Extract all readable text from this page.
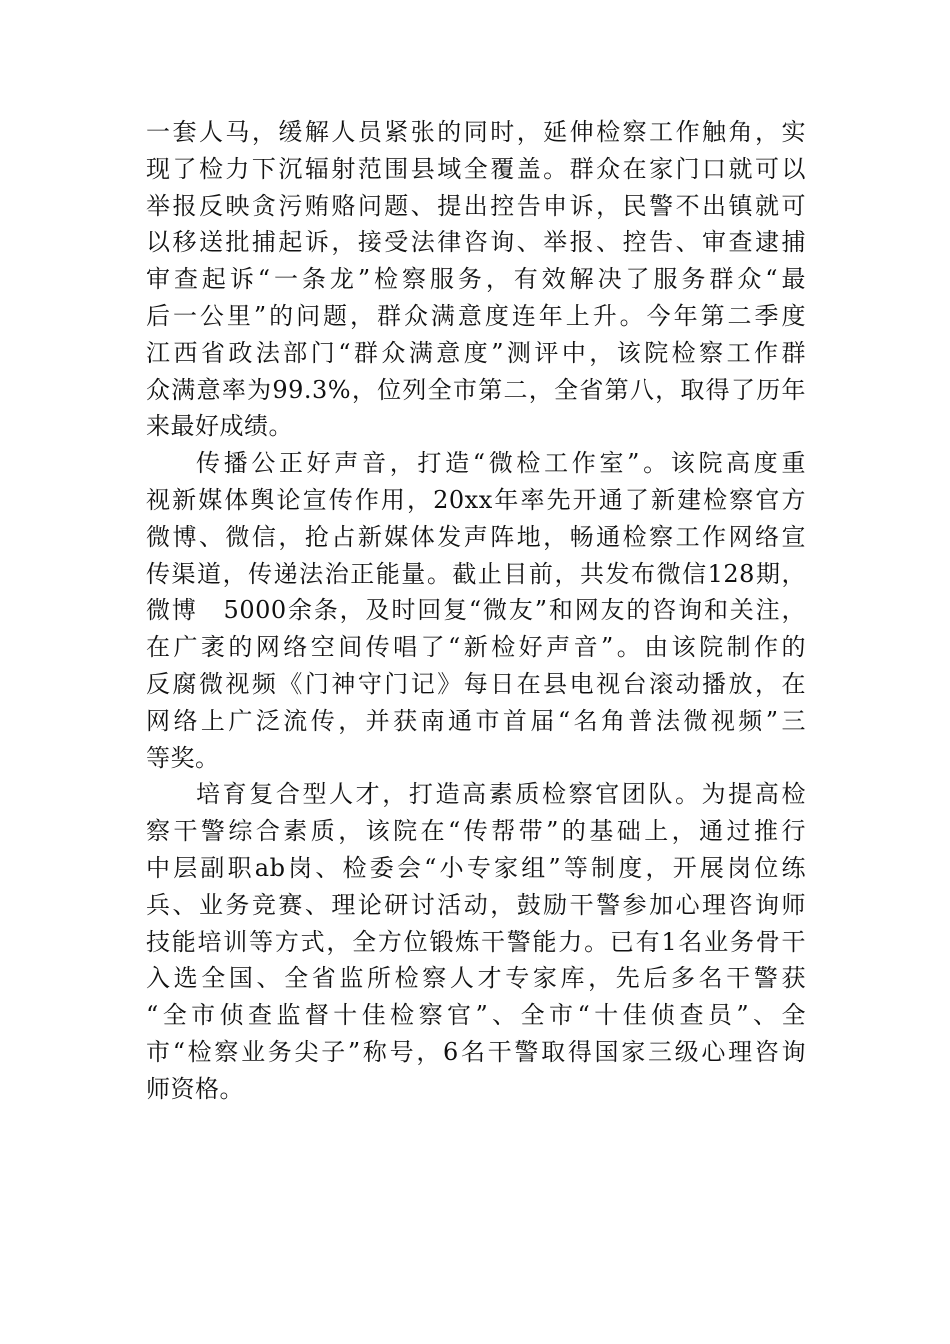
一套人马，缓解人员紧张的同时，延伸检察工作触角，实
现了检力下沉辐射范围县域全覆盖。群众在家门口就可以
举报反映贪污贿赂问题、提出控告申诉，民警不出镇就可
以移送批捕起诉，接受法律咨询、举报、控告、审查逮捕
审查起诉“一条龙”检察服务，有效解决了服务群众“最
后一公里”的问题，群众满意度连年上升。今年第二季度
江西省政法部门“群众满意度”测评中，该院检察工作群
众满意率为99.3%，位列全市第二，全省第八，取得了历年
来最好成绩。
传播公正好声音，打造“微检工作室”。该院高度重
视新媒体舆论宣传作用，20xx年率先开通了新建检察官方
微博、微信，抢占新媒体发声阵地，畅通检察工作网络宣
传渠道，传递法治正能量。截止目前，共发布微信128期，
微博　5000余条，及时回复“微友”和网友的咨询和关注，
在广袤的网络空间传唱了“新检好声音”。由该院制作的
反腐微视频《门神守门记》每日在县电视台滚动播放，在
网络上广泛流传，并获南通市首届“名角普法微视频”三
等奖。
培育复合型人才，打造高素质检察官团队。为提高检
察干警综合素质，该院在“传帮带”的基础上，通过推行
中层副职ab岗、检委会“小专家组”等制度，开展岗位练
兵、业务竞赛、理论研讨活动，鼓励干警参加心理咨询师
技能培训等方式，全方位锻炼干警能力。已有1名业务骨干
入选全国、全省监所检察人才专家库，先后多名干警获
“全市侦查监督十佳检察官”、全市“十佳侦查员”、全
市“检察业务尖子”称号，6名干警取得国家三级心理咨询
师资格。
